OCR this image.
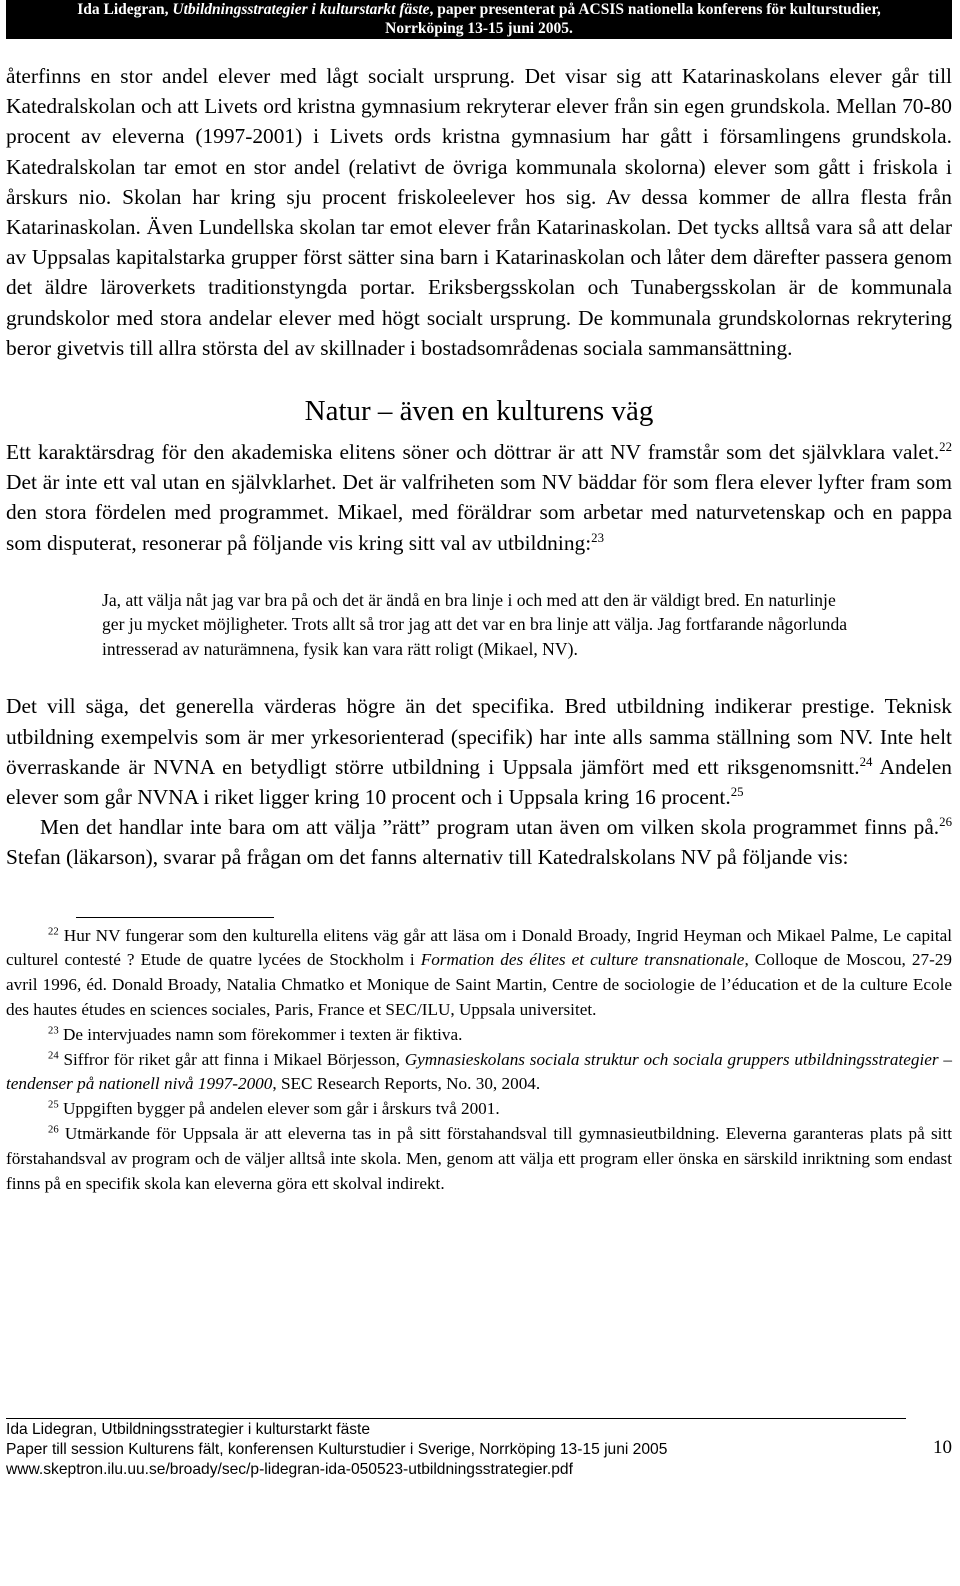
Ida Lidegran, Utbildningsstrategier i kulturstarkt fäste, paper presenterat på ACSIS nationella konferens för kulturstudier,
Norrköping 13-15 juni 2005.

återfinns en stor andel elever med lågt socialt ursprung. Det visar sig att Katarinaskolans elever går till Katedralskolan och att Livets ord kristna gymnasium rekryterar elever från sin egen grundskola. Mellan 70-80 procent av eleverna (1997-2001) i Livets ords kristna gymnasium har gått i församlingens grundskola. Katedralskolan tar emot en stor andel (relativt de övriga kommunala skolorna) elever som gått i friskola i årskurs nio. Skolan har kring sju procent friskoleelever hos sig. Av dessa kommer de allra flesta från Katarinaskolan. Även Lundellska skolan tar emot elever från Katarinaskolan. Det tycks alltså vara så att delar av Uppsalas kapitalstarka grupper först sätter sina barn i Katarinaskolan och låter dem därefter passera genom det äldre läroverkets traditionstyngda portar. Eriksbergsskolan och Tunabergsskolan är de kommunala grundskolor med stora andelar elever med högt socialt ursprung. De kommunala grundskolornas rekrytering beror givetvis till allra största del av skillnader i bostadsområdenas sociala sammansättning.

Natur – även en kulturens väg

Ett karaktärsdrag för den akademiska elitens söner och döttrar är att NV framstår som det självklara valet.$^{22}$ Det är inte ett val utan en självklarhet. Det är valfriheten som NV bäddar för som flera elever lyfter fram som den stora fördelen med programmet. Mikael, med föräldrar som arbetar med naturvetenskap och en pappa som disputerat, resonerar på följande vis kring sitt val av utbildning:$^{23}$

Ja, att välja nåt jag var bra på och det är ändå en bra linje i och med att den är väldigt bred. En naturlinje ger ju mycket möjligheter. Trots allt så tror jag att det var en bra linje att välja. Jag fortfarande någorlunda intresserad av naturämnena, fysik kan vara rätt roligt (Mikael, NV).

Det vill säga, det generella värderas högre än det specifika. Bred utbildning indikerar prestige. Teknisk utbildning exempelvis som är mer yrkesorienterad (specifik) har inte alls samma ställning som NV. Inte helt överraskande är NVNA en betydligt större utbildning i Uppsala jämfört med ett riksgenomsnitt.$^{24}$ Andelen elever som går NVNA i riket ligger kring 10 procent och i Uppsala kring 16 procent.$^{25}$

Men det handlar inte bara om att välja ”rätt” program utan även om vilken skola programmet finns på.$^{26}$ Stefan (läkarson), svarar på frågan om det fanns alternativ till Katedralskolans NV på följande vis:

$^{22}$ Hur NV fungerar som den kulturella elitens väg går att läsa om i Donald Broady, Ingrid Heyman och Mikael Palme, Le capital culturel contesté ? Etude de quatre lycées de Stockholm i Formation des élites et culture transnationale, Colloque de Moscou, 27-29 avril 1996, éd. Donald Broady, Natalia Chmatko et Monique de Saint Martin, Centre de sociologie de l’éducation et de la culture Ecole des hautes études en sciences sociales, Paris, France et SEC/ILU, Uppsala universitet.

$^{23}$ De intervjuades namn som förekommer i texten är fiktiva.

$^{24}$ Siffror för riket går att finna i Mikael Börjesson, Gymnasieskolans sociala struktur och sociala gruppers utbildningsstrategier – tendenser på nationell nivå 1997-2000, SEC Research Reports, No. 30, 2004.

$^{25}$ Uppgiften bygger på andelen elever som går i årskurs två 2001.

$^{26}$ Utmärkande för Uppsala är att eleverna tas in på sitt förstahandsval till gymnasieutbildning. Eleverna garanteras plats på sitt förstahandsval av program och de väljer alltså inte skola. Men, genom att välja ett program eller önska en särskild inriktning som endast finns på en specifik skola kan eleverna göra ett skolval indirekt.

Ida Lidegran, Utbildningsstrategier i kulturstarkt fäste
Paper till session Kulturens fält, konferensen Kulturstudier i Sverige, Norrköping 13-15 juni 2005
www.skeptron.ilu.uu.se/broady/sec/p-lidegran-ida-050523-utbildningsstrategier.pdf
10
